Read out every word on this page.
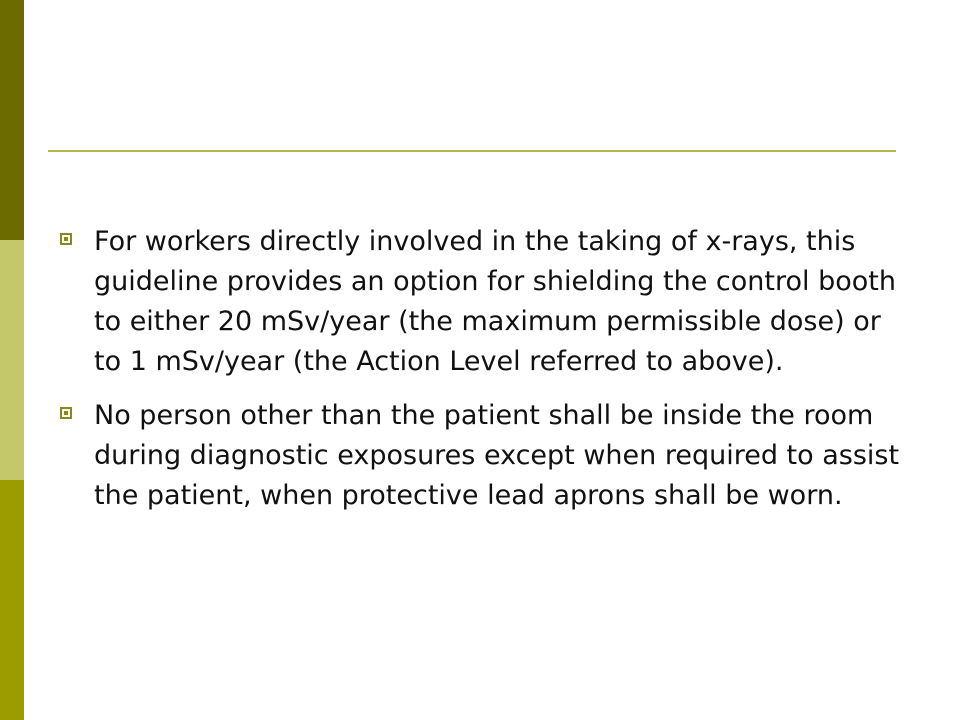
For workers directly involved in the taking of x-rays, this guideline provides an option for shielding the control booth to either 20 mSv/year (the maximum permissible dose) or to 1 mSv/year (the Action Level referred to above).
No person other than the patient shall be inside the room during diagnostic exposures except when required to assist the patient, when protective lead aprons shall be worn.
